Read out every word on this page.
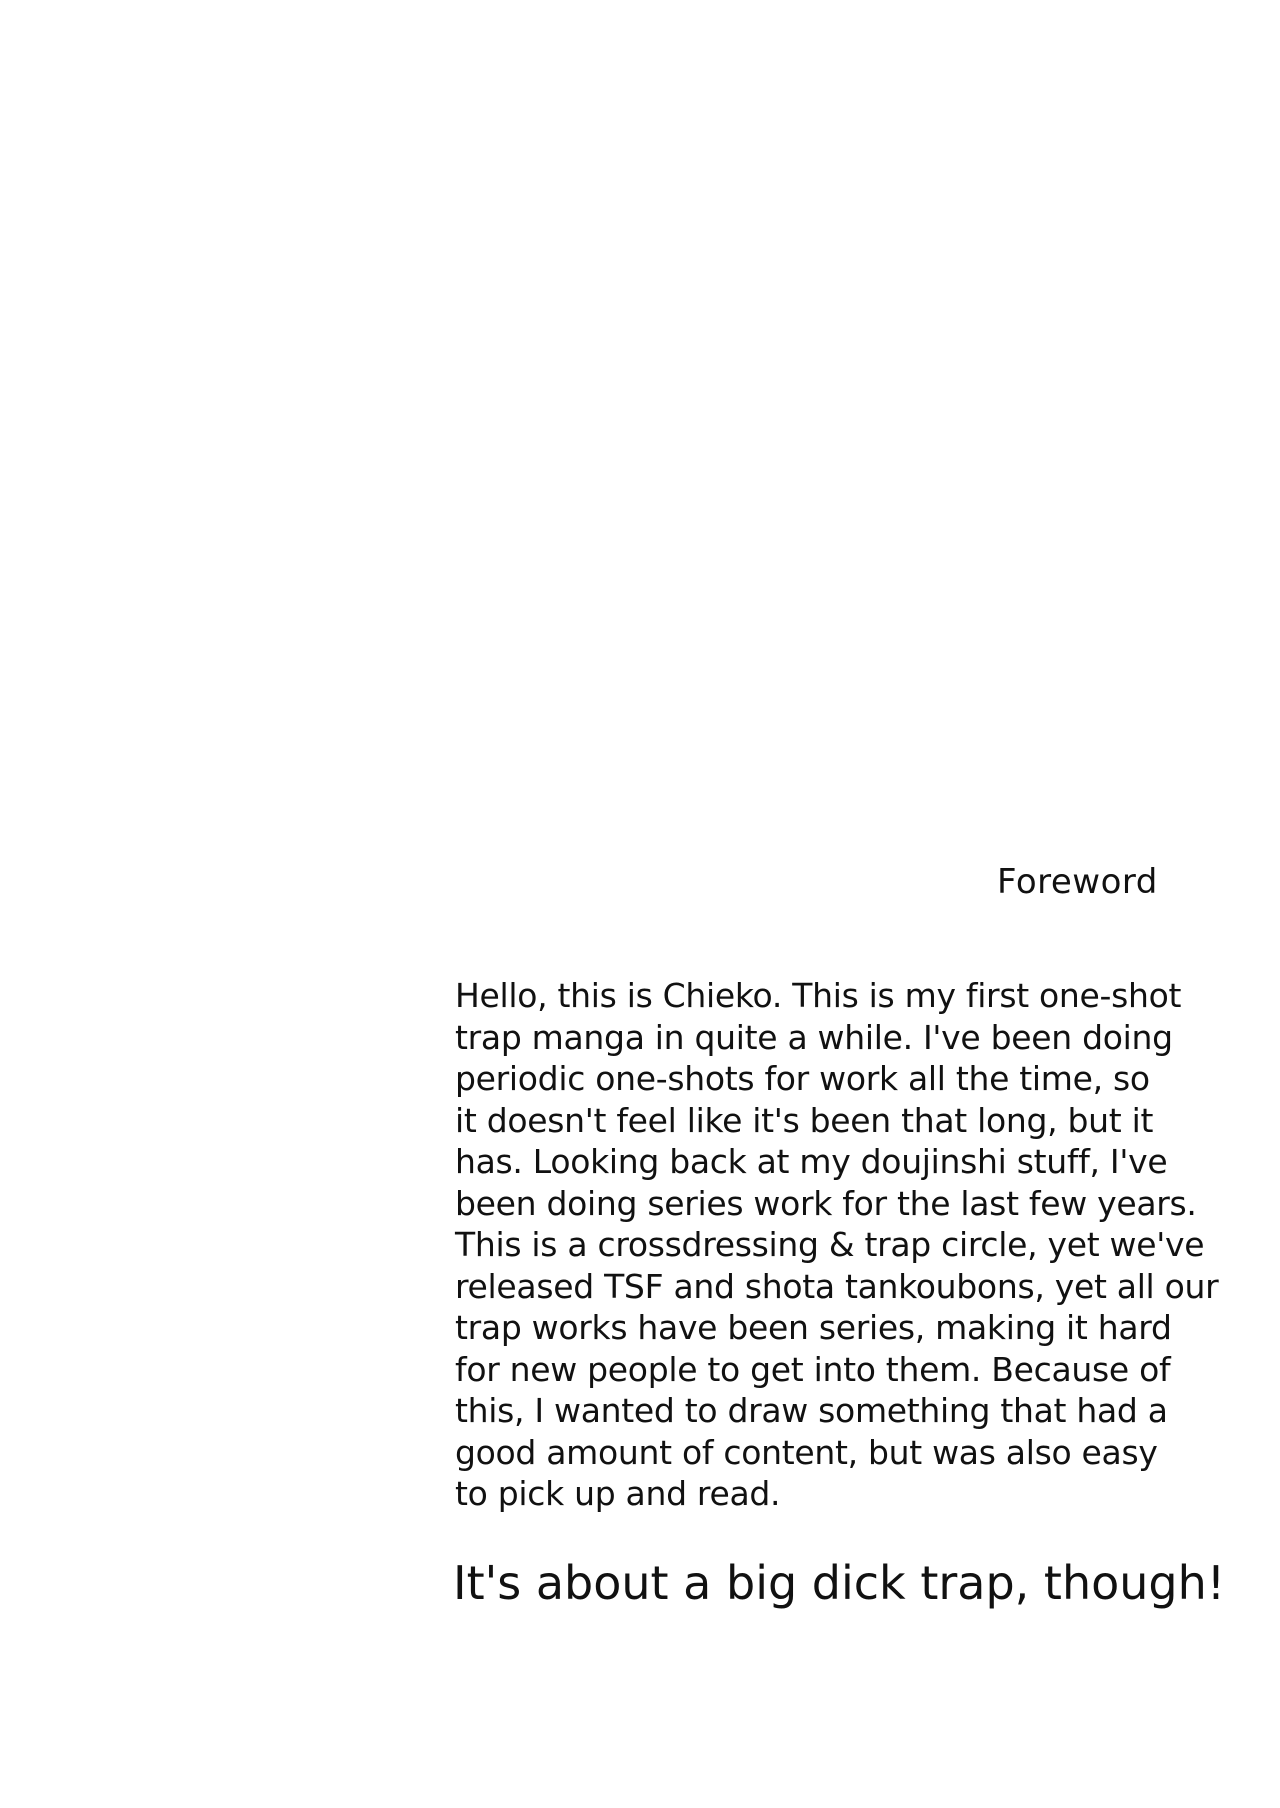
Foreword
Hello, this is Chieko. This is my first one-shot
trap manga in quite a while. I've been doing
periodic one-shots for work all the time, so
it doesn't feel like it's been that long, but it
has. Looking back at my doujinshi stuff, I've
been doing series work for the last few years.
This is a crossdressing & trap circle, yet we've
released TSF and shota tankoubons, yet all our
trap works have been series, making it hard
for new people to get into them. Because of
this, I wanted to draw something that had a
good amount of content, but was also easy
to pick up and read.
It's about a big dick trap, though!
